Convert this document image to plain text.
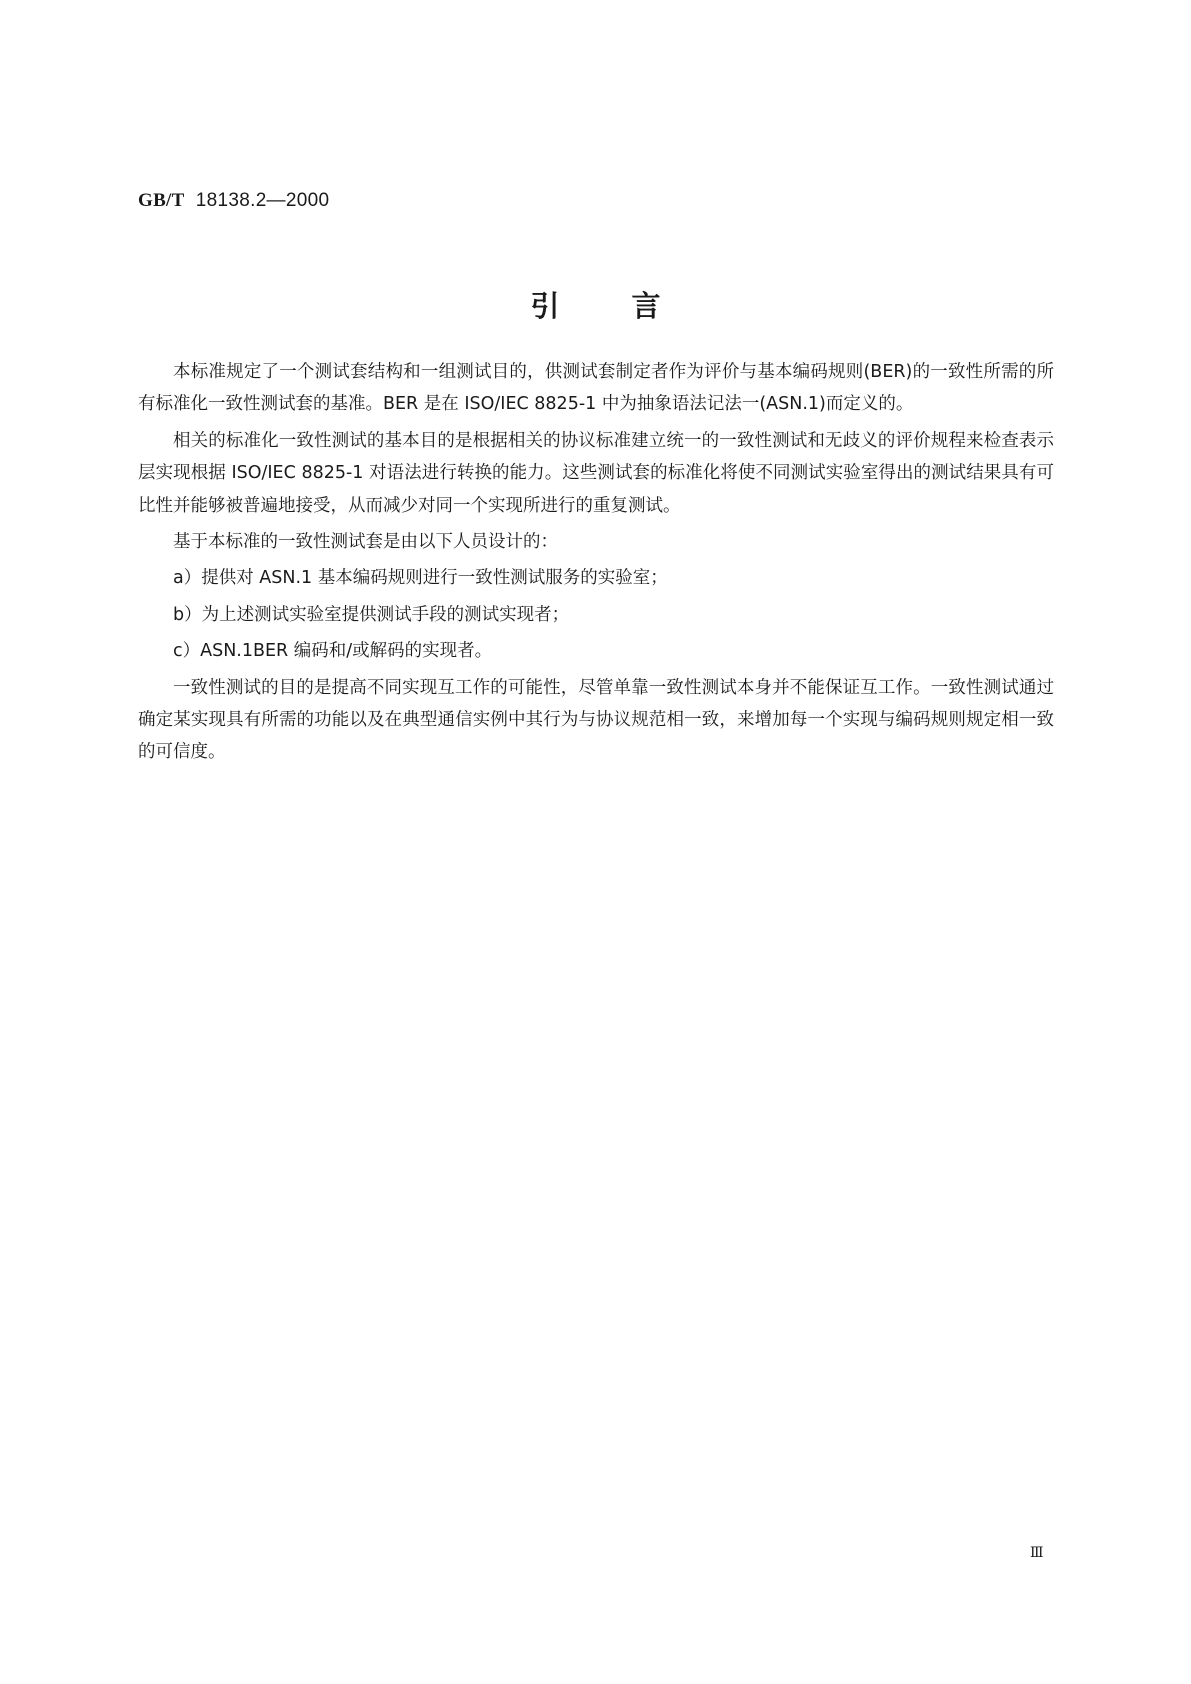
GB/T 18138.2—2000
引言

本标准规定了一个测试套结构和一组测试目的，供测试套制定者作为评价与基本编码规则(BER)的一致性所需的所有标准化一致性测试套的基准。BER 是在 ISO/IEC 8825-1 中为抽象语法记法一(ASN.1)而定义的。

相关的标准化一致性测试的基本目的是根据相关的协议标准建立统一的一致性测试和无歧义的评价规程来检查表示层实现根据 ISO/IEC 8825-1 对语法进行转换的能力。这些测试套的标准化将使不同测试实验室得出的测试结果具有可比性并能够被普遍地接受，从而减少对同一个实现所进行的重复测试。

基于本标准的一致性测试套是由以下人员设计的：

a）提供对 ASN.1 基本编码规则进行一致性测试服务的实验室；

b）为上述测试实验室提供测试手段的测试实现者；

c）ASN.1BER 编码和/或解码的实现者。

一致性测试的目的是提高不同实现互工作的可能性，尽管单靠一致性测试本身并不能保证互工作。一致性测试通过确定某实现具有所需的功能以及在典型通信实例中其行为与协议规范相一致，来增加每一个实现与编码规则规定相一致的可信度。

Ⅲ
